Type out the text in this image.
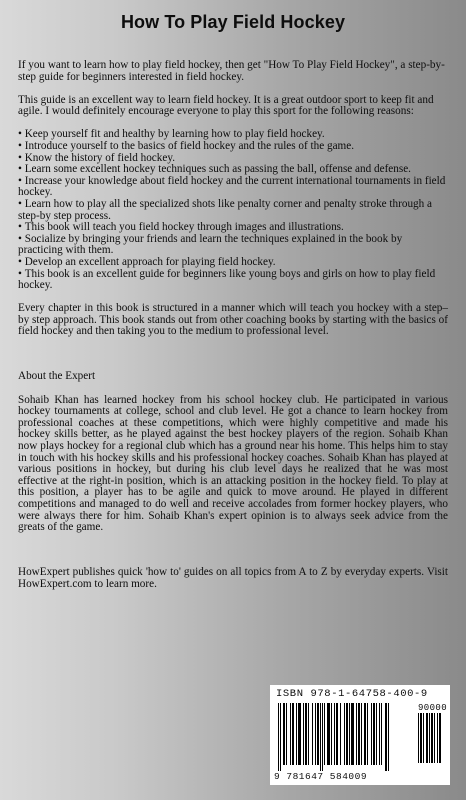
How To Play Field Hockey

If you want to learn how to play field hockey, then get "How To Play Field Hockey", a step-by-step guide for beginners interested in field hockey.

This guide is an excellent way to learn field hockey. It is a great outdoor sport to keep fit and agile. I would definitely encourage everyone to play this sport for the following reasons:

• Keep yourself fit and healthy by learning how to play field hockey.
• Introduce yourself to the basics of field hockey and the rules of the game.
• Know the history of field hockey.
• Learn some excellent hockey techniques such as passing the ball, offense and defense.
• Increase your knowledge about field hockey and the current international tournaments in field hockey.
• Learn how to play all the specialized shots like penalty corner and penalty stroke through a step-by step process.
• This book will teach you field hockey through images and illustrations.
• Socialize by bringing your friends and learn the techniques explained in the book by practicing with them.
• Develop an excellent approach for playing field hockey.
• This book is an excellent guide for beginners like young boys and girls on how to play field hockey.

Every chapter in this book is structured in a manner which will teach you hockey with a step–by step approach. This book stands out from other coaching books by starting with the basics of field hockey and then taking you to the medium to professional level.

About the Expert

Sohaib Khan has learned hockey from his school hockey club. He participated in various hockey tournaments at college, school and club level. He got a chance to learn hockey from professional coaches at these competitions, which were highly competitive and made his hockey skills better, as he played against the best hockey players of the region. Sohaib Khan now plays hockey for a regional club which has a ground near his home. This helps him to stay in touch with his hockey skills and his professional hockey coaches. Sohaib Khan has played at various positions in hockey, but during his club level days he realized that he was most effective at the right-in position, which is an attacking position in the hockey field. To play at this position, a player has to be agile and quick to move around. He played in different competitions and managed to do well and receive accolades from former hockey players, who were always there for him. Sohaib Khan's expert opinion is to always seek advice from the greats of the game.

HowExpert publishes quick 'how to' guides on all topics from A to Z by everyday experts. Visit HowExpert.com to learn more.

ISBN 978-1-64758-400-9
90000
9 781647 584009
